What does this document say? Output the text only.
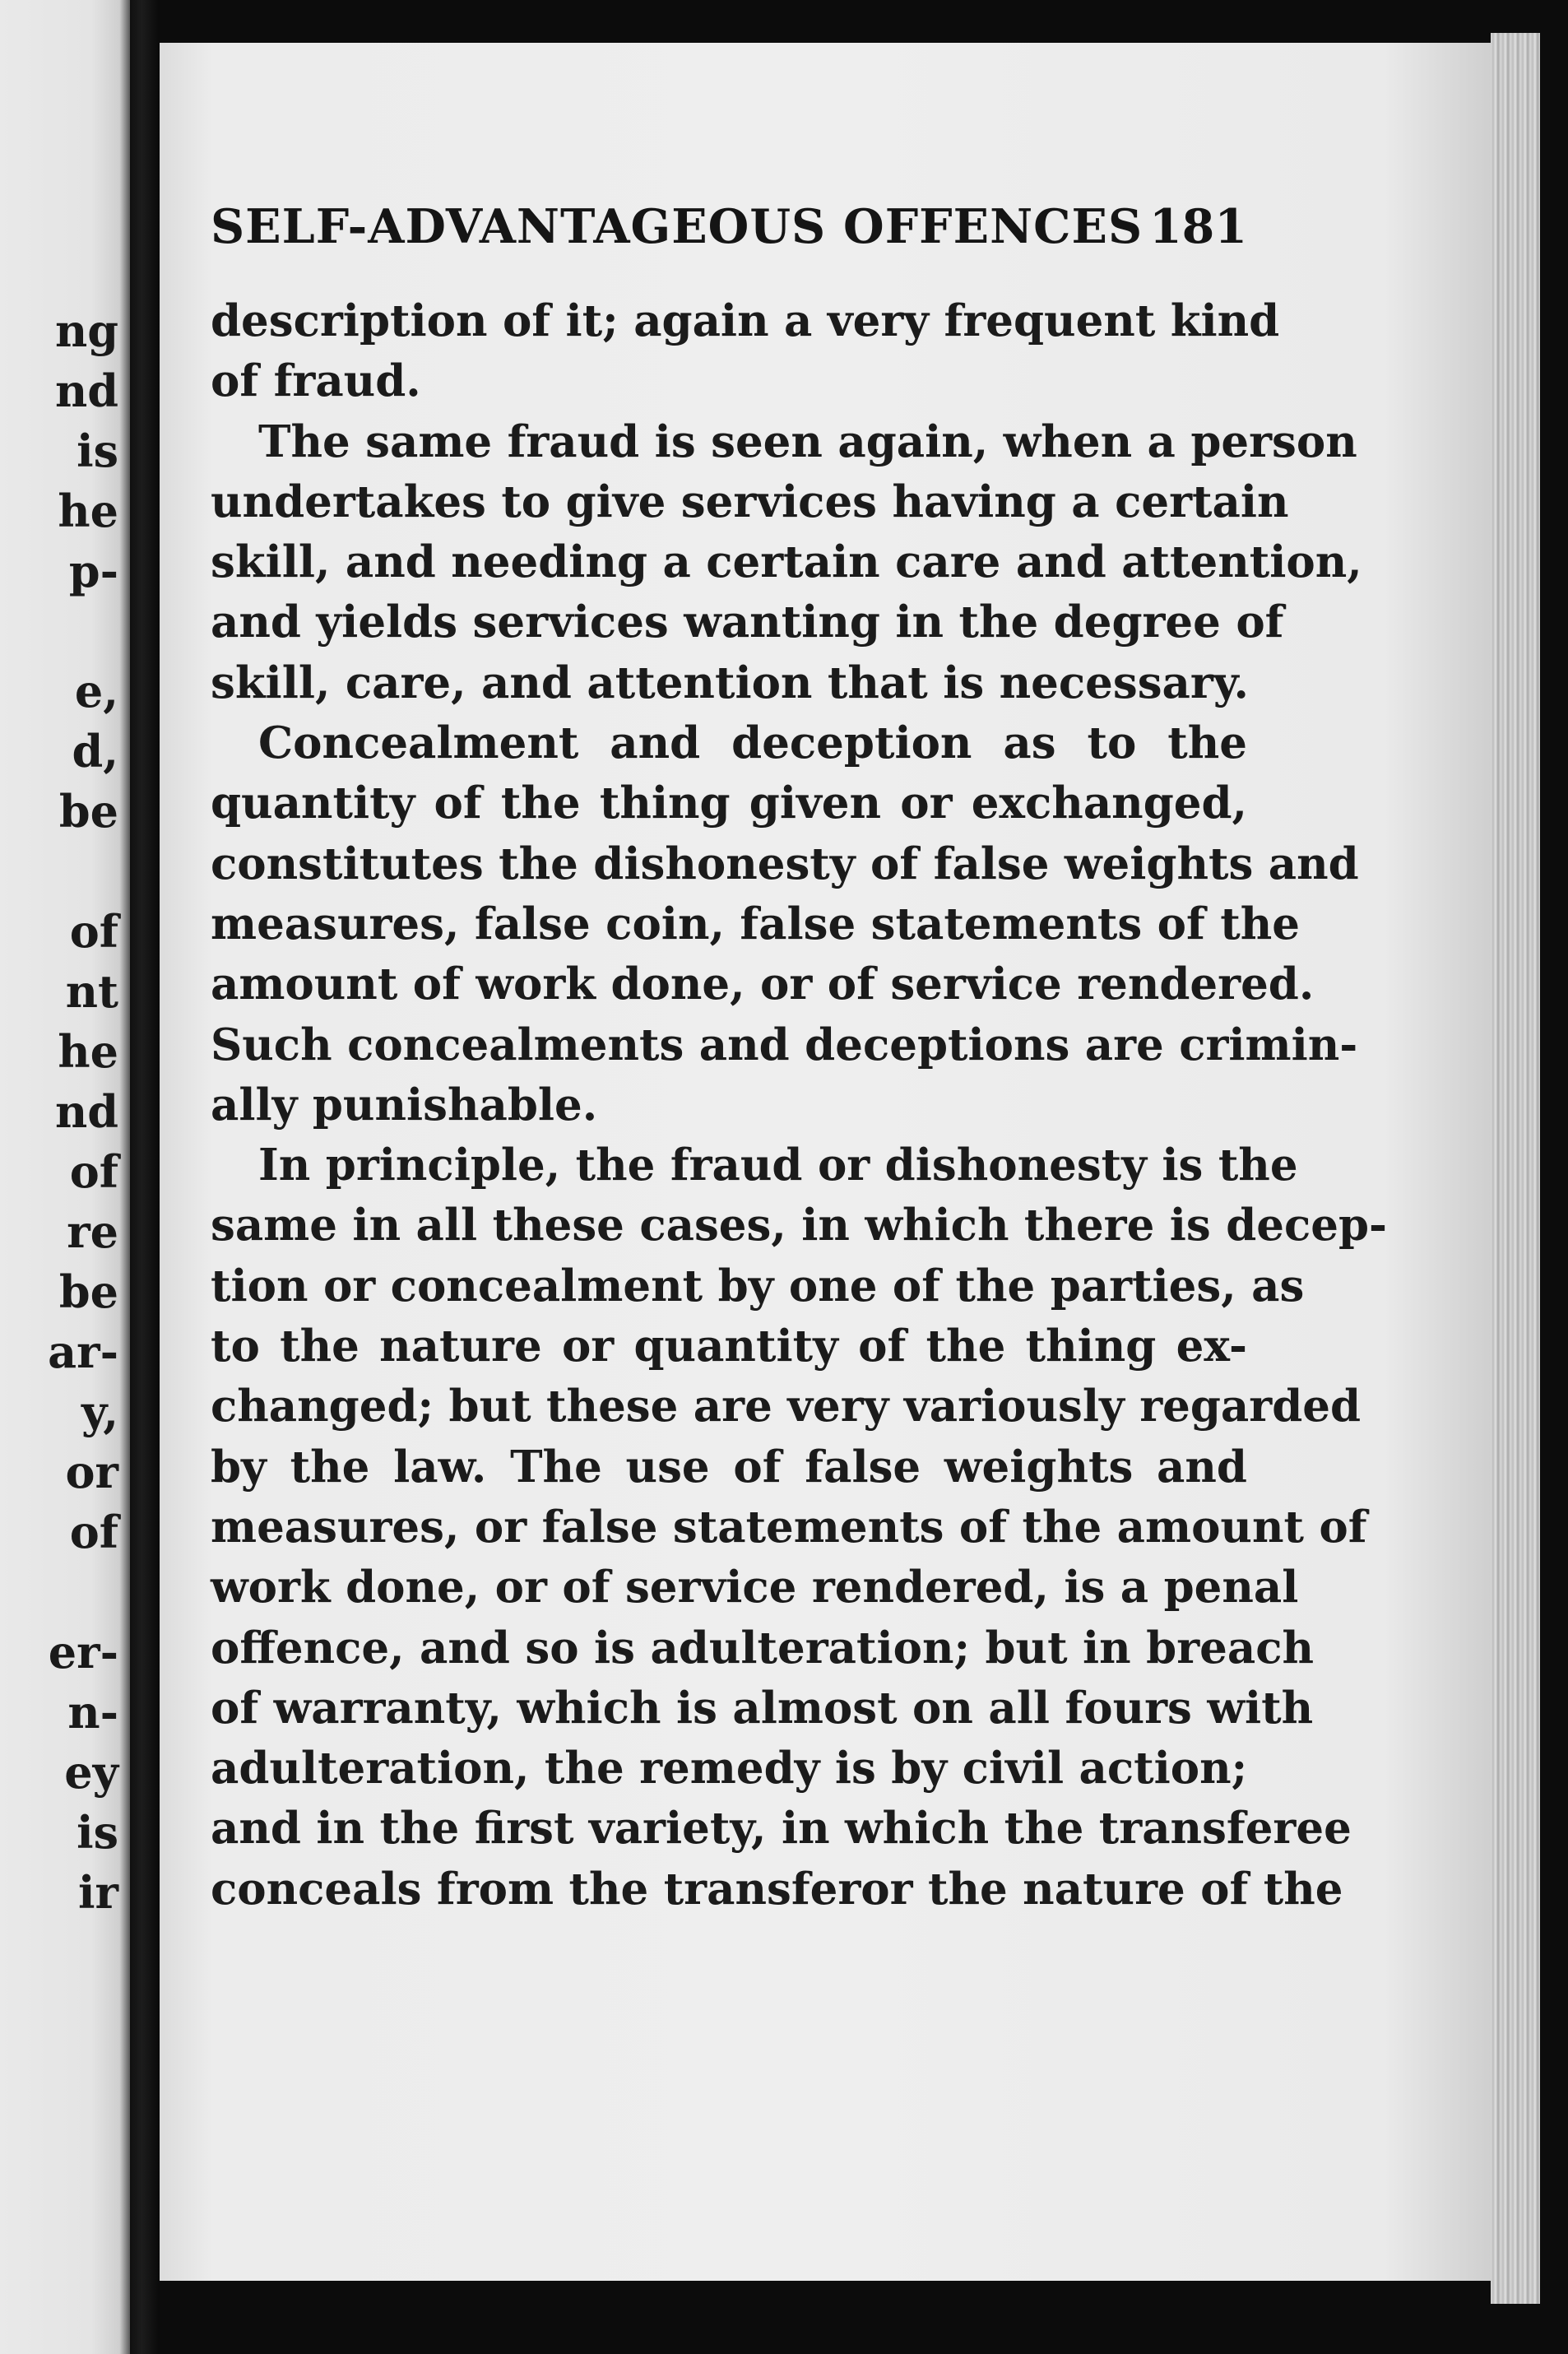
ng
nd
is
he
p-
e,
d,
be
of
nt
he
nd
of
re
be
ar-
y,
or
of
er-
n-
ey
is
ir
SELF-ADVANTAGEOUS OFFENCES 181
description of it; again a very frequent kind
of fraud.
The same fraud is seen again, when a person
undertakes to give services having a certain
skill, and needing a certain care and attention,
and yields services wanting in the degree of
skill, care, and attention that is necessary.
Concealment and deception as to the
quantity of the thing given or exchanged,
constitutes the dishonesty of false weights and
measures, false coin, false statements of the
amount of work done, or of service rendered.
Such concealments and deceptions are crimin-
ally punishable.
In principle, the fraud or dishonesty is the
same in all these cases, in which there is decep-
tion or concealment by one of the parties, as
to the nature or quantity of the thing ex-
changed; but these are very variously regarded
by the law. The use of false weights and
measures, or false statements of the amount of
work done, or of service rendered, is a penal
offence, and so is adulteration; but in breach
of warranty, which is almost on all fours with
adulteration, the remedy is by civil action;
and in the first variety, in which the transferee
conceals from the transferor the nature of the
